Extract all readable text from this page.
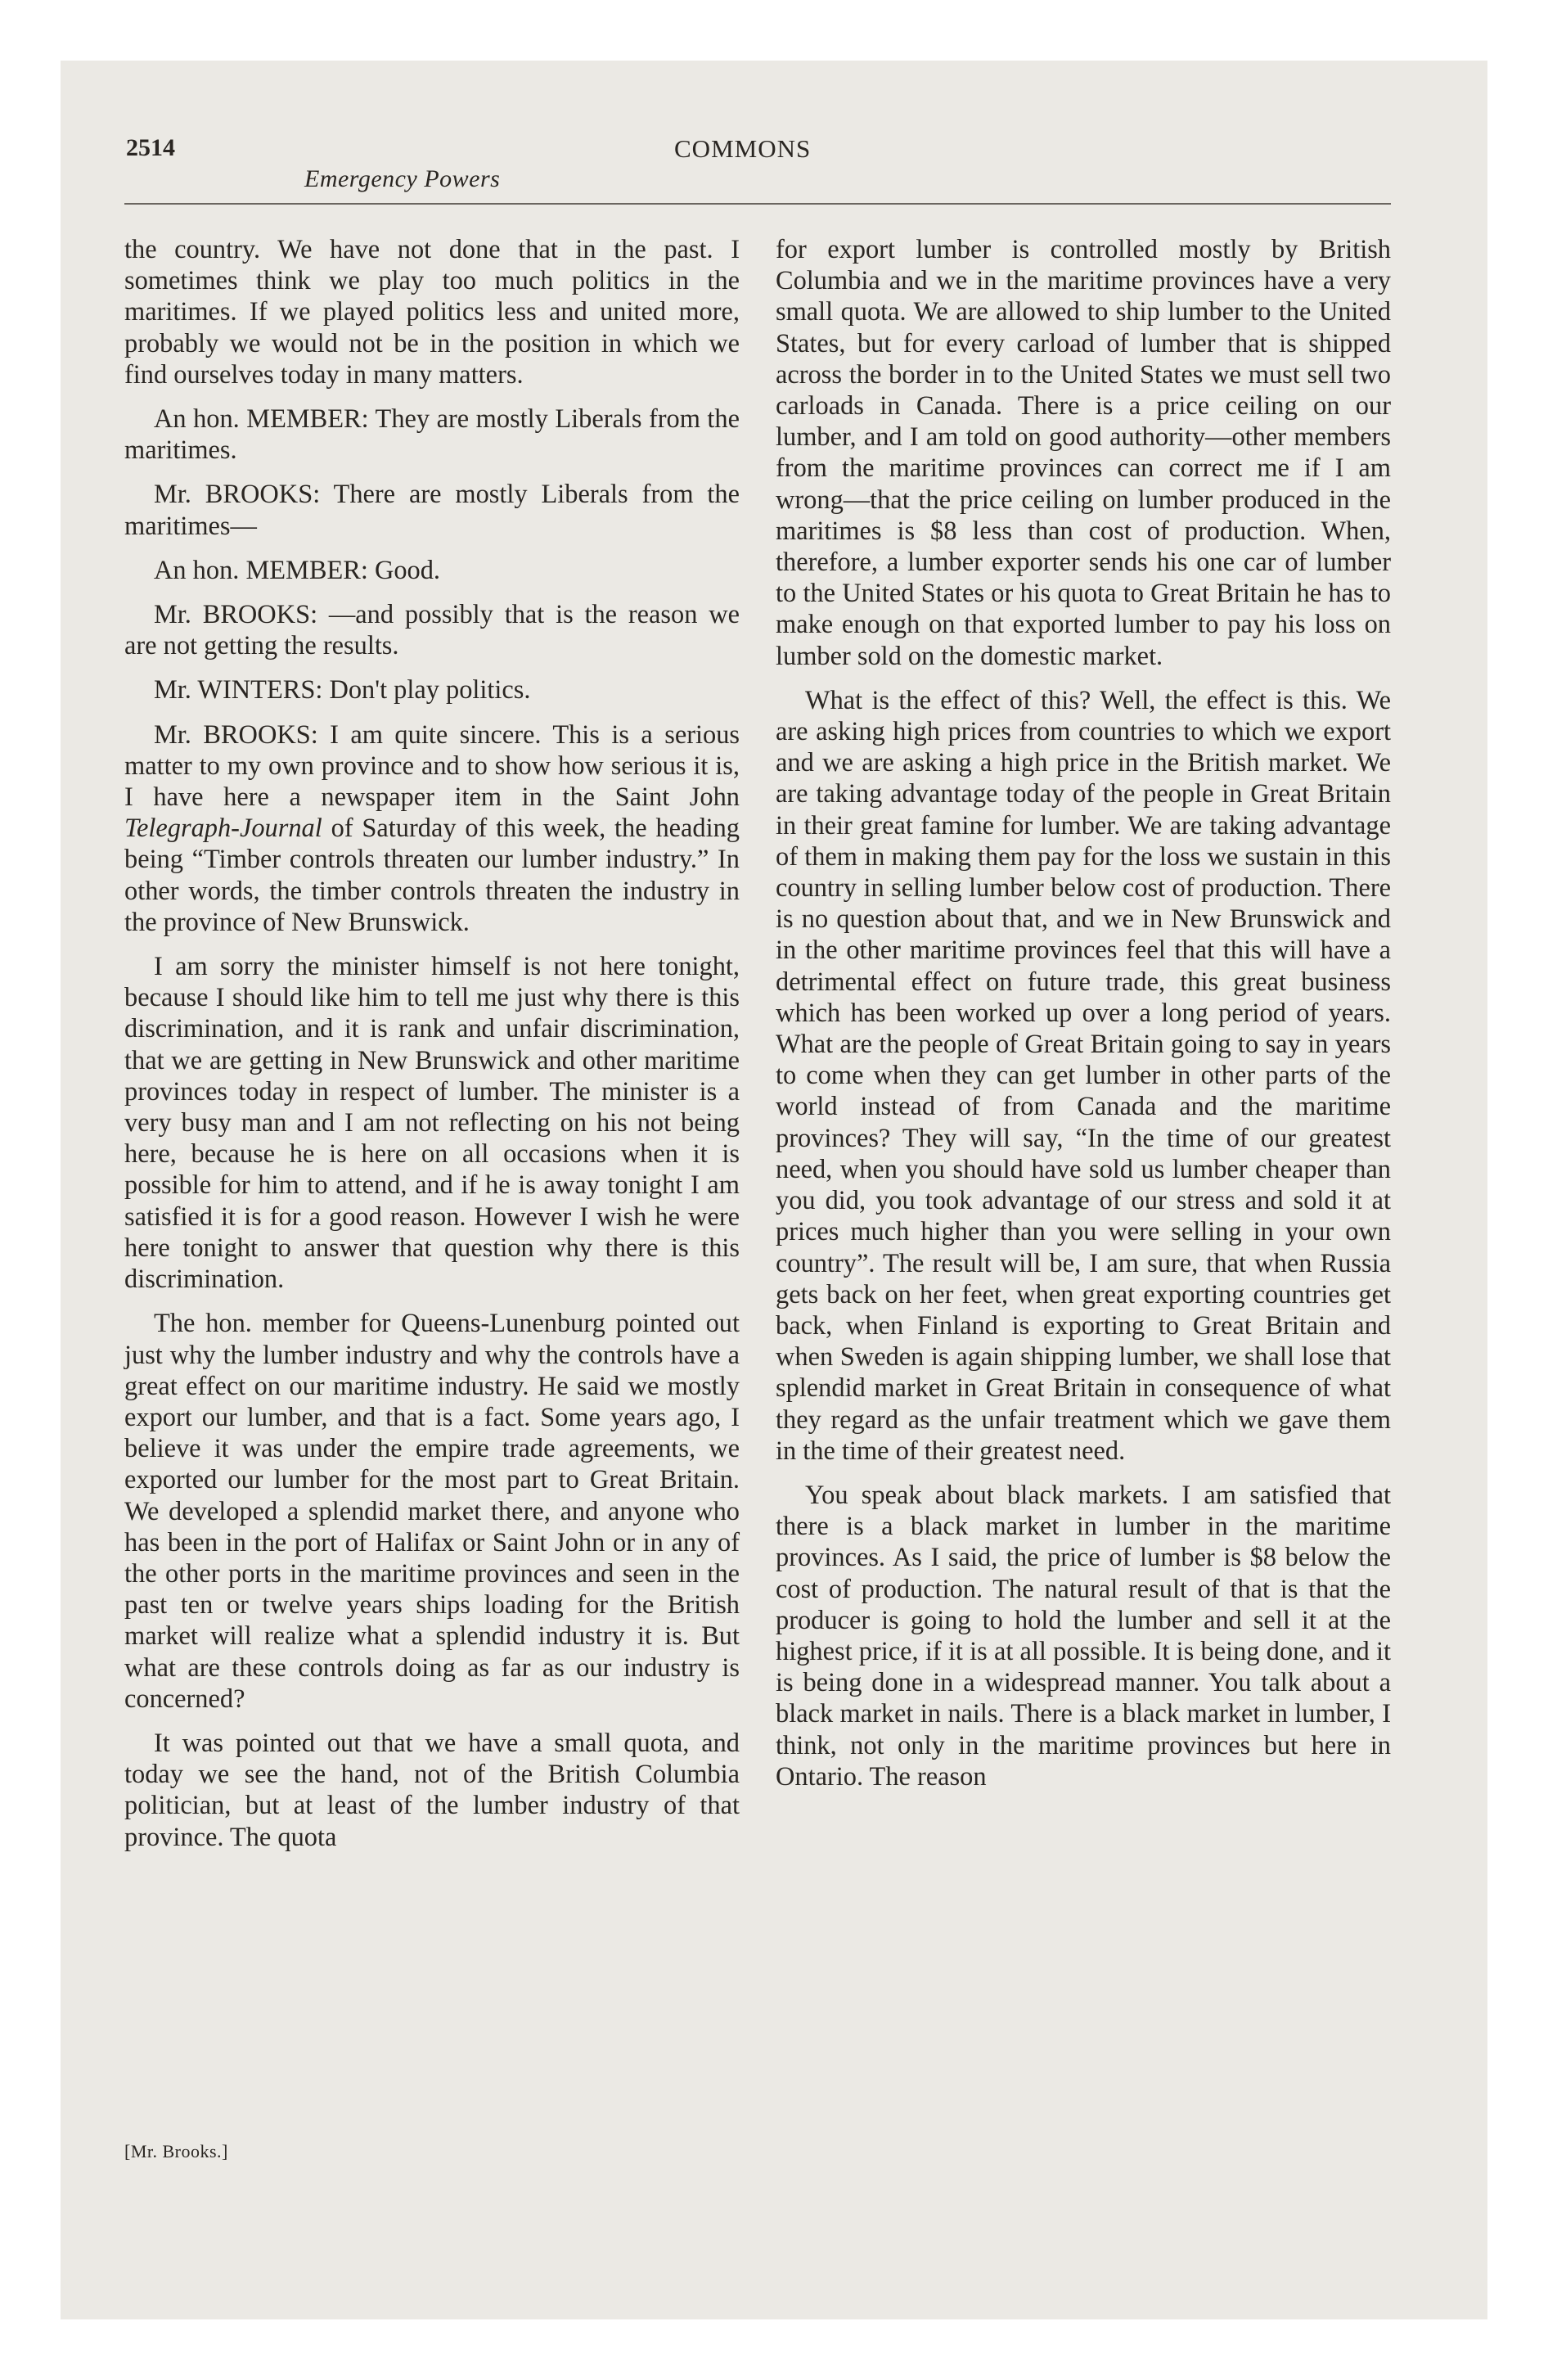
2514
Emergency Powers
COMMONS

the country. We have not done that in the past. I sometimes think we play too much politics in the maritimes. If we played politics less and united more, probably we would not be in the position in which we find ourselves today in many matters.

An hon. MEMBER: They are mostly Liberals from the maritimes.

Mr. BROOKS: There are mostly Liberals from the maritimes—

An hon. MEMBER: Good.

Mr. BROOKS: —and possibly that is the reason we are not getting the results.

Mr. WINTERS: Don't play politics.

Mr. BROOKS: I am quite sincere. This is a serious matter to my own province and to show how serious it is, I have here a newspaper item in the Saint John Telegraph-Journal of Saturday of this week, the heading being “Timber controls threaten our lumber industry.” In other words, the timber controls threaten the industry in the province of New Brunswick.

I am sorry the minister himself is not here tonight, because I should like him to tell me just why there is this discrimination, and it is rank and unfair discrimination, that we are getting in New Brunswick and other maritime provinces today in respect of lumber. The minister is a very busy man and I am not reflecting on his not being here, because he is here on all occasions when it is possible for him to attend, and if he is away tonight I am satisfied it is for a good reason. However I wish he were here tonight to answer that question why there is this discrimination.

The hon. member for Queens-Lunenburg pointed out just why the lumber industry and why the controls have a great effect on our maritime industry. He said we mostly export our lumber, and that is a fact. Some years ago, I believe it was under the empire trade agreements, we exported our lumber for the most part to Great Britain. We developed a splendid market there, and anyone who has been in the port of Halifax or Saint John or in any of the other ports in the maritime provinces and seen in the past ten or twelve years ships loading for the British market will realize what a splendid industry it is. But what are these controls doing as far as our industry is concerned?

It was pointed out that we have a small quota, and today we see the hand, not of the British Columbia politician, but at least of the lumber industry of that province. The quota

for export lumber is controlled mostly by British Columbia and we in the maritime provinces have a very small quota. We are allowed to ship lumber to the United States, but for every carload of lumber that is shipped across the border in to the United States we must sell two carloads in Canada. There is a price ceiling on our lumber, and I am told on good authority—other members from the maritime provinces can correct me if I am wrong—that the price ceiling on lumber produced in the maritimes is $8 less than cost of production. When, therefore, a lumber exporter sends his one car of lumber to the United States or his quota to Great Britain he has to make enough on that exported lumber to pay his loss on lumber sold on the domestic market.

What is the effect of this? Well, the effect is this. We are asking high prices from countries to which we export and we are asking a high price in the British market. We are taking advantage today of the people in Great Britain in their great famine for lumber. We are taking advantage of them in making them pay for the loss we sustain in this country in selling lumber below cost of production. There is no question about that, and we in New Brunswick and in the other maritime provinces feel that this will have a detrimental effect on future trade, this great business which has been worked up over a long period of years. What are the people of Great Britain going to say in years to come when they can get lumber in other parts of the world instead of from Canada and the maritime provinces? They will say, “In the time of our greatest need, when you should have sold us lumber cheaper than you did, you took advantage of our stress and sold it at prices much higher than you were selling in your own country”. The result will be, I am sure, that when Russia gets back on her feet, when great exporting countries get back, when Finland is exporting to Great Britain and when Sweden is again shipping lumber, we shall lose that splendid market in Great Britain in consequence of what they regard as the unfair treatment which we gave them in the time of their greatest need.

You speak about black markets. I am satisfied that there is a black market in lumber in the maritime provinces. As I said, the price of lumber is $8 below the cost of production. The natural result of that is that the producer is going to hold the lumber and sell it at the highest price, if it is at all possible. It is being done, and it is being done in a widespread manner. You talk about a black market in nails. There is a black market in lumber, I think, not only in the maritime provinces but here in Ontario. The reason

[Mr. Brooks.]
